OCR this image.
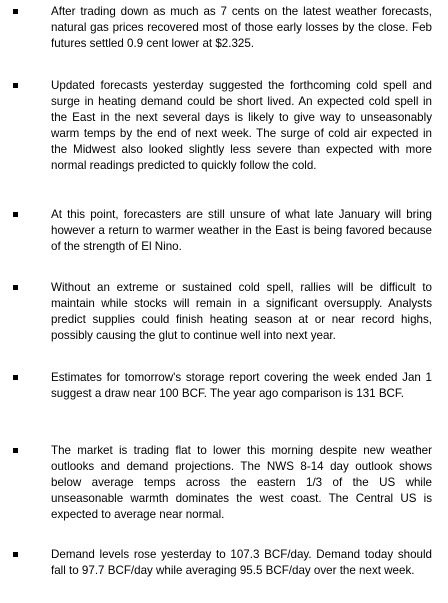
After trading down as much as 7 cents on the latest weather forecasts, natural gas prices recovered most of those early losses by the close. Feb futures settled 0.9 cent lower at $2.325.

Updated forecasts yesterday suggested the forthcoming cold spell and surge in heating demand could be short lived. An expected cold spell in the East in the next several days is likely to give way to unseasonably warm temps by the end of next week. The surge of cold air expected in the Midwest also looked slightly less severe than expected with more normal readings predicted to quickly follow the cold.

At this point, forecasters are still unsure of what late January will bring however a return to warmer weather in the East is being favored because of the strength of El Nino.

Without an extreme or sustained cold spell, rallies will be difficult to maintain while stocks will remain in a significant oversupply. Analysts predict supplies could finish heating season at or near record highs, possibly causing the glut to continue well into next year.

Estimates for tomorrow's storage report covering the week ended Jan 1 suggest a draw near 100 BCF. The year ago comparison is 131 BCF.

The market is trading flat to lower this morning despite new weather outlooks and demand projections. The NWS 8-14 day outlook shows below average temps across the eastern 1/3 of the US while unseasonable warmth dominates the west coast. The Central US is expected to average near normal.

Demand levels rose yesterday to 107.3 BCF/day. Demand today should fall to 97.7 BCF/day while averaging 95.5 BCF/day over the next week.
